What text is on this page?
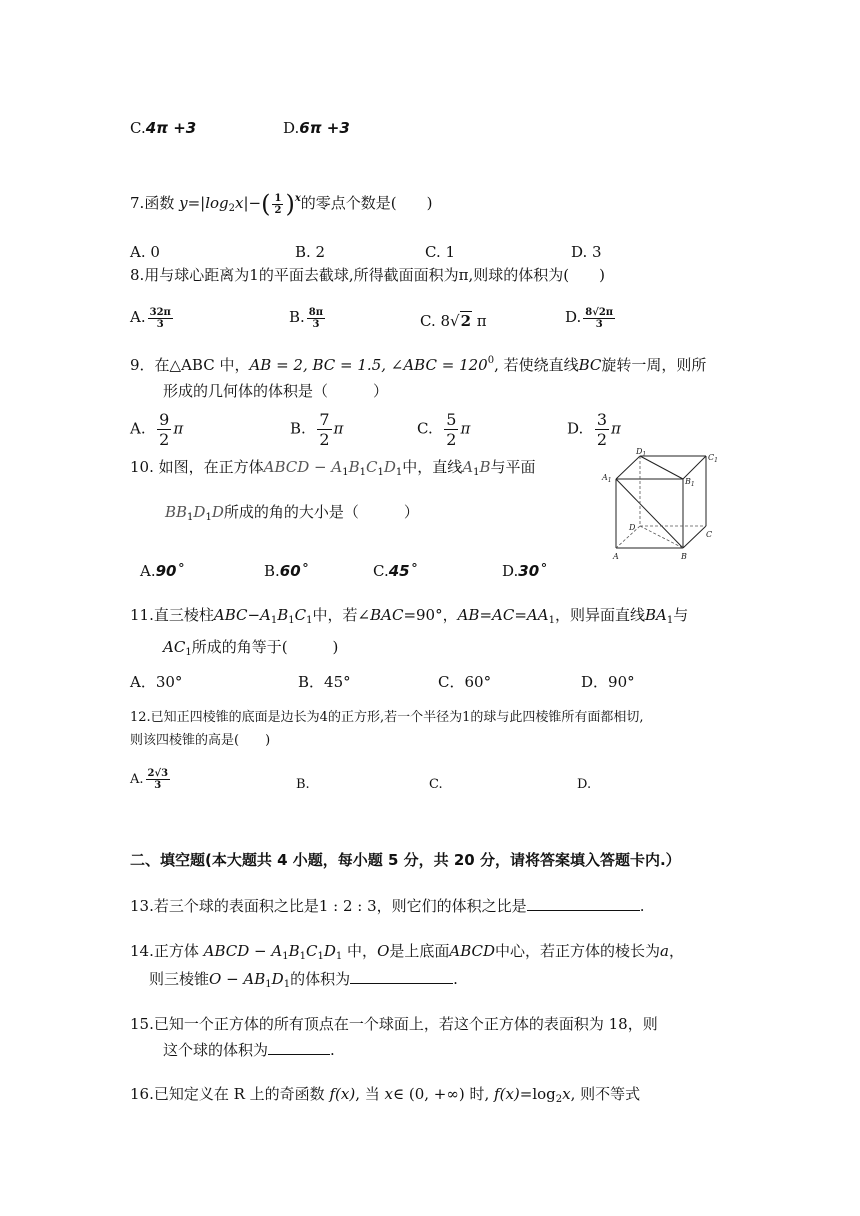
C.4π +3	D.6π +3
7.函数 $y=|\log_2x|-( \frac{1}{2} )^x$的零点个数是(　　)
A. 0	B. 2	C. 1	D. 3
8.用与球心距离为1的平面去截球,所得截面面积为π,则球的体积为(　　)
A. $\frac{32\pi}{3}$	B. $\frac{8\pi}{3}$	C. 8√2 π	D. $\frac{8√2\pi}{3}$
9．在△ABC 中，AB = 2, BC = 1.5, ∠ABC = $120^0$, 若使绕直线BC旋转一周，则所
形成的几何体的体积是（　　　）
A. $\frac{9}{2}$ π	B. $\frac{7}{2}$ π	C. $\frac{5}{2}$ π	D. $\frac{3}{2}$ π
10. 如图，在正方体ABCD − $A_1B_1C_1D_1$中，直线$A_1B$与平面
$BB_1D_1D$所成的角的大小是（　　　）
A.90˚	B.60˚	C.45˚	D.30˚
$D_1$	$C_1$
$A_1$	$B_1$
D
C
A	B
11.直三棱柱$ABC-A_1B_1C_1$中，若∠BAC=90°，$AB=AC=AA_1$，则异面直线$BA_1$与
$AC_1$所成的角等于(　　　)
A．30°	B．45°	C．60°	D．90°
12.已知正四棱锥的底面是边长为4的正方形,若一个半径为1的球与此四棱锥所有面都相切,
则该四棱锥的高是(　　)
A. $\frac{2√3}{3}$	B.	C.	D.
二、填空题(本大题共 4 小题，每小题 5 分，共 20 分，请将答案填入答题卡内.）
13.若三个球的表面积之比是1 : 2 : 3，则它们的体积之比是	.
14.正方体 ABCD − $A_1B_1C_1D_1$ 中，O是上底面ABCD中心，若正方体的棱长为a，
则三棱锥$O - AB_1D_1$的体积为	.
15.已知一个正方体的所有顶点在一个球面上，若这个正方体的表面积为 18，则
这个球的体积为	.
16.已知定义在 R 上的奇函数 f(x), 当 x∈ (0, +∞) 时, $f(x)=\log_2x$, 则不等式
